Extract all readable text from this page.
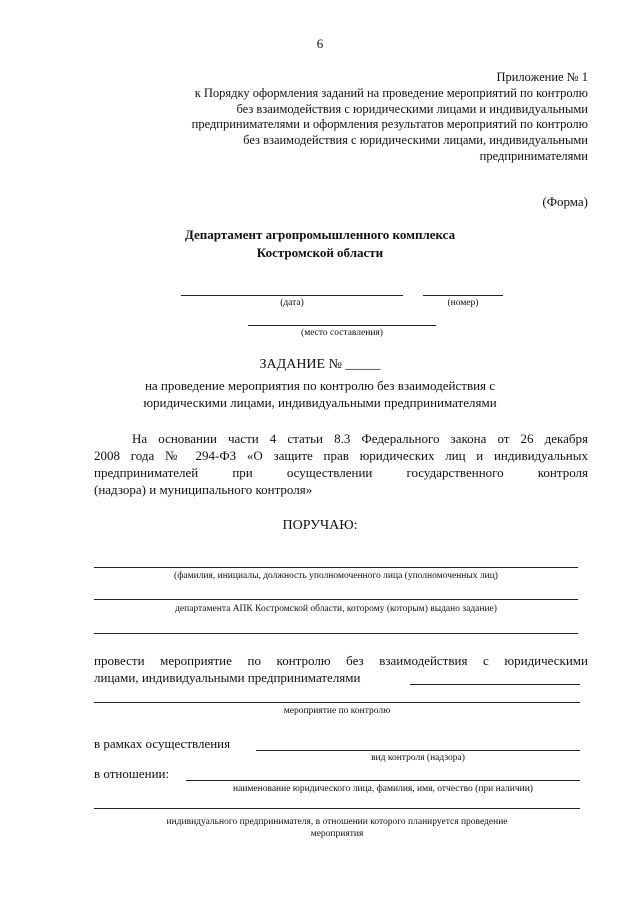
6
Приложение № 1
к Порядку оформления заданий на проведение мероприятий по контролю
без взаимодействия с юридическими лицами и индивидуальными
предпринимателями и оформления результатов мероприятий по контролю
без взаимодействия с юридическими лицами, индивидуальными
предпринимателями
(Форма)
Департамент агропромышленного комплекса
Костромской области
(дата)	(номер)
(место составления)
ЗАДАНИЕ № _____
на проведение мероприятия по контролю без взаимодействия с
юридическими лицами, индивидуальными предпринимателями
На основании части 4 статьи 8.3 Федерального закона от 26 декабря
2008 года № 294-ФЗ «О защите прав юридических лиц и индивидуальных
предпринимателей при осуществлении государственного контроля
(надзора) и муниципального контроля»
ПОРУЧАЮ:
(фамилия, инициалы, должность уполномоченного лица (уполномоченных лиц)
департамента АПК Костромской области, которому (которым) выдано задание)
провести мероприятие по контролю без взаимодействия с юридическими
лицами, индивидуальными предпринимателями
мероприятие по контролю
в рамках осуществления
вид контроля (надзора)
в отношении:
наименование юридического лица, фамилия, имя, отчество (при наличии)
индивидуального предпринимателя, в отношении которого планируется проведение
мероприятия
